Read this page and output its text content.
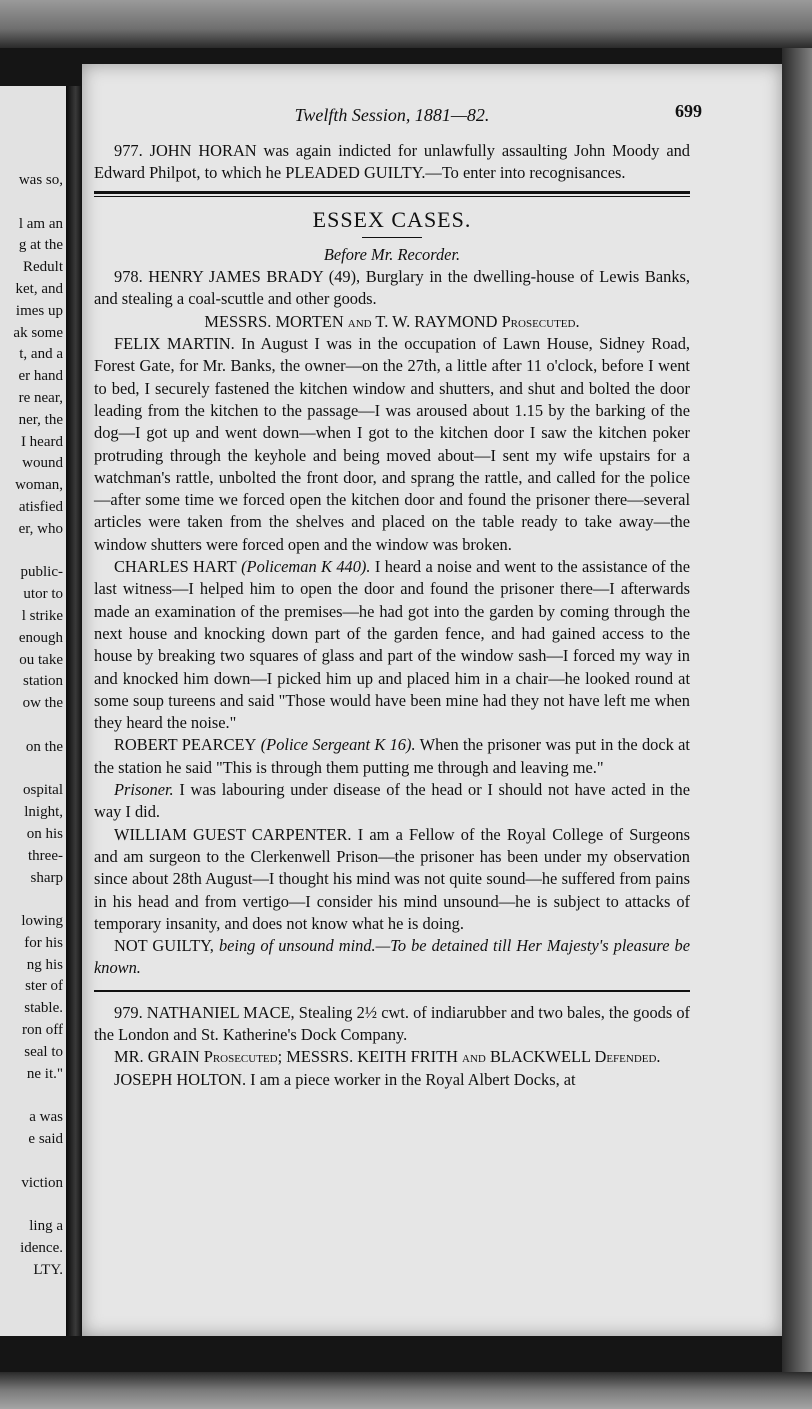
was so,
l am an
g at the
Redult
ket, and
imes up
ak some
t, and a
er hand
re near,
ner, the
I heard
wound
woman,
atisfied
er, who
public-
utor to
l strike
enough
ou take
station
ow the
on the
ospital
lnight,
on his
three-
sharp
lowing
for his
ng his
ster of
stable.
ron off
seal to
ne it."
a was
e said
viction
ling a
idence.
LTY.
Twelfth Session, 1881—82.	699

977. JOHN HORAN was again indicted for unlawfully assaulting John Moody and Edward Philpot, to which he PLEADED GUILTY.—To enter into recognisances.

ESSEX CASES.
Before Mr. Recorder.

978. HENRY JAMES BRADY (49), Burglary in the dwelling-house of Lewis Banks, and stealing a coal-scuttle and other goods.

MESSRS. MORTEN and T. W. RAYMOND Prosecuted.

FELIX MARTIN. In August I was in the occupation of Lawn House, Sidney Road, Forest Gate, for Mr. Banks, the owner—on the 27th, a little after 11 o'clock, before I went to bed, I securely fastened the kitchen window and shutters, and shut and bolted the door leading from the kitchen to the passage—I was aroused about 1.15 by the barking of the dog—I got up and went down—when I got to the kitchen door I saw the kitchen poker protruding through the keyhole and being moved about—I sent my wife upstairs for a watchman's rattle, unbolted the front door, and sprang the rattle, and called for the police—after some time we forced open the kitchen door and found the prisoner there—several articles were taken from the shelves and placed on the table ready to take away—the window shutters were forced open and the window was broken.

CHARLES HART (Policeman K 440). I heard a noise and went to the assistance of the last witness—I helped him to open the door and found the prisoner there—I afterwards made an examination of the premises—he had got into the garden by coming through the next house and knocking down part of the garden fence, and had gained access to the house by breaking two squares of glass and part of the window sash—I forced my way in and knocked him down—I picked him up and placed him in a chair—he looked round at some soup tureens and said "Those would have been mine had they not have left me when they heard the noise."

ROBERT PEARCEY (Police Sergeant K 16). When the prisoner was put in the dock at the station he said "This is through them putting me through and leaving me."

Prisoner. I was labouring under disease of the head or I should not have acted in the way I did.

WILLIAM GUEST CARPENTER. I am a Fellow of the Royal College of Surgeons and am surgeon to the Clerkenwell Prison—the prisoner has been under my observation since about 28th August—I thought his mind was not quite sound—he suffered from pains in his head and from vertigo—I consider his mind unsound—he is subject to attacks of temporary insanity, and does not know what he is doing.

NOT GUILTY, being of unsound mind.—To be detained till Her Majesty's pleasure be known.

979. NATHANIEL MACE, Stealing 2½ cwt. of indiarubber and two bales, the goods of the London and St. Katherine's Dock Company.

MR. GRAIN Prosecuted; MESSRS. KEITH FRITH and BLACKWELL Defended.

JOSEPH HOLTON. I am a piece worker in the Royal Albert Docks, at
